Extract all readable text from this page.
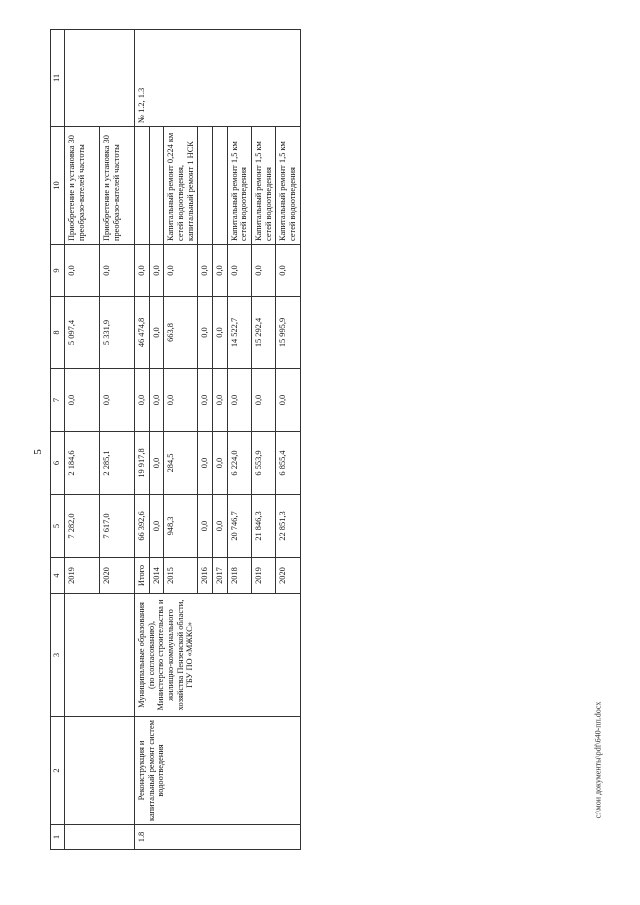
5
c:\мои документы\pdf\640-пп.docx
1	2	3	4	5	6	7	8	9	10	11
			2019	7 282,0	2 184,6	0,0	5 097,4	0,0	Приобретение и установка 30 преобразо-вателей частоты	
			2020	7 617,0	2 285,1	0,0	5 331,9	0,0	Приобретение и установка 30 преобразо-вателей частоты	
1.8	Реконструкция и капитальный ремонт систем водоотведения	Муниципальные образования (по согласованию), Министерство строительства и жилищно-коммунального хозяйства Пензенской области, ГБУ ПО «МЖКС»	Итого	66 392,6	19 917,8	0,0	46 474,8	0,0		№ 1.2, 1.3
			2014	0,0	0,0	0,0	0,0	0,0		
			2015	948,3	284,5	0,0	663,8	0,0	Капитальный ремонт 0,224 км сетей водоотведения, капитальный ремонт 1 НСК	
			2016	0,0	0,0	0,0	0,0	0,0		
			2017	0,0	0,0	0,0	0,0	0,0		
			2018	20 746,7	6 224,0	0,0	14 522,7	0,0	Капитальный ремонт 1,5 км сетей водоотведения	
			2019	21 846,3	6 553,9	0,0	15 292,4	0,0	Капитальный ремонт 1,5 км сетей водоотведения	
			2020	22 851,3	6 855,4	0,0	15 995,9	0,0	Капитальный ремонт 1,5 км сетей водоотведения	
